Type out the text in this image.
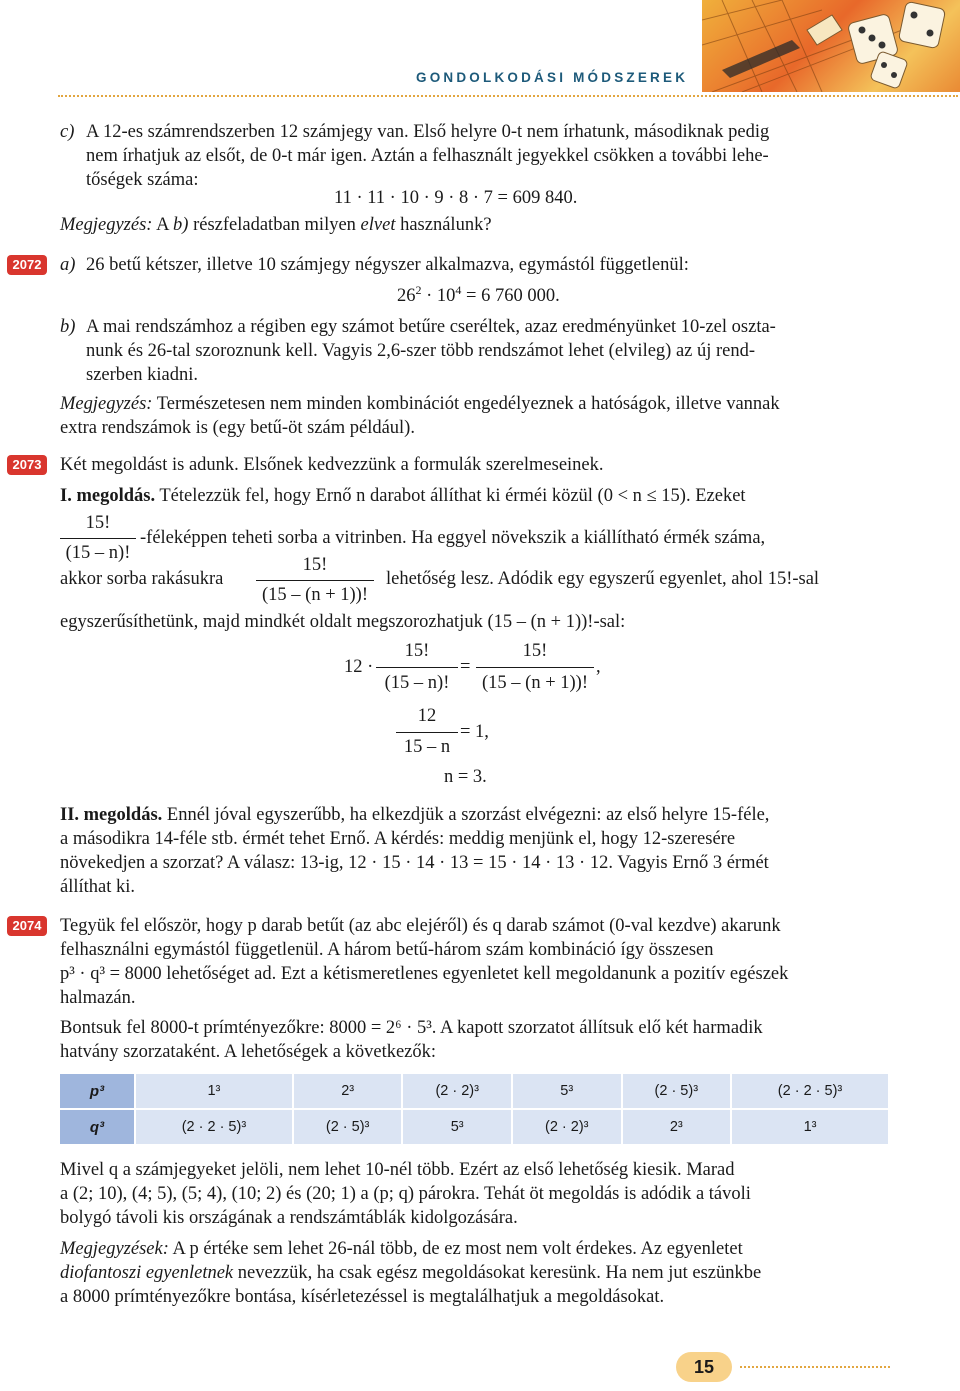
GONDOLKODÁSI MÓDSZEREK
c) A 12-es számrendszerben 12 számjegy van. Első helyre 0-t nem írhatunk, másodiknak pedig
nem írhatjuk az elsőt, de 0-t már igen. Aztán a felhasznált jegyekkel csökken a további lehe-
tőségek száma:
11 · 11 · 10 · 9 · 8 · 7 = 609 840.
Megjegyzés: A b) részfeladatban milyen elvet használunk?
2072 a) 26 betű kétszer, illetve 10 számjegy négyszer alkalmazva, egymástól függetlenül:
$26^2 \cdot 10^4 = 6$ 760 000.
b) A mai rendszámhoz a régiben egy számot betűre cseréltek, azaz eredményünket 10-zel oszta-
nunk és 26-tal szoroznunk kell. Vagyis 2,6-szer több rendszámot lehet (elvileg) az új rend-
szerben kiadni.
Megjegyzés: Természetesen nem minden kombinációt engedélyeznek a hatóságok, illetve vannak
extra rendszámok is (egy betű-öt szám például).
2073 Két megoldást is adunk. Elsőnek kedvezzünk a formulák szerelmeseinek.
I. megoldás. Tételezzük fel, hogy Ernő n darabot állíthat ki érméi közül (0 < n ≤ 15). Ezeket
15!
(15 – n)!
-féleképpen teheti sorba a vitrinben. Ha eggyel növekszik a kiállítható érmék száma,
akkor sorba rakásukra
15!
(15 – (n + 1))!
lehetőség lesz. Adódik egy egyszerű egyenlet, ahol 15!-sal
egyszerűsíthetünk, majd mindkét oldalt megszorozhatjuk (15 – (n + 1))!-sal:
12 ·
15!
(15 – n)!
=
15!
(15 – (n + 1))!
,
12
15 – n
= 1,
n = 3.
II. megoldás. Ennél jóval egyszerűbb, ha elkezdjük a szorzást elvégezni: az első helyre 15-féle,
a másodikra 14-féle stb. érmét tehet Ernő. A kérdés: meddig menjünk el, hogy 12-szeresére
növekedjen a szorzat? A válasz: 13-ig, 12 · 15 · 14 · 13 = 15 · 14 · 13 · 12. Vagyis Ernő 3 érmét
állíthat ki.
2074 Tegyük fel először, hogy p darab betűt (az abc elejéről) és q darab számot (0-val kezdve) akarunk
felhasználni egymástól függetlenül. A három betű-három szám kombináció így összesen
p³ · q³ = 8000 lehetőséget ad. Ezt a kétismeretlenes egyenletet kell megoldanunk a pozitív egészek
halmazán.
Bontsuk fel 8000-t prímtényezőkre: 8000 = 2⁶ · 5³. A kapott szorzatot állítsuk elő két harmadik
hatvány szorzataként. A lehetőségek a következők:
p³	1³	2³	(2 · 2)³	5³	(2 · 5)³	(2 · 2 · 5)³
q³	(2 · 2 · 5)³	(2 · 5)³	5³	(2 · 2)³	2³	1³
Mivel q a számjegyeket jelöli, nem lehet 10-nél több. Ezért az első lehetőség kiesik. Marad
a (2; 10), (4; 5), (5; 4), (10; 2) és (20; 1) a (p; q) párokra. Tehát öt megoldás is adódik a távoli
bolygó távoli kis országának a rendszámtáblák kidolgozására.
Megjegyzések: A p értéke sem lehet 26-nál több, de ez most nem volt érdekes. Az egyenletet
diofantoszi egyenletnek nevezzük, ha csak egész megoldásokat keresünk. Ha nem jut eszünkbe
a 8000 prímtényezőkre bontása, kísérletezéssel is megtalálhatjuk a megoldásokat.
15
